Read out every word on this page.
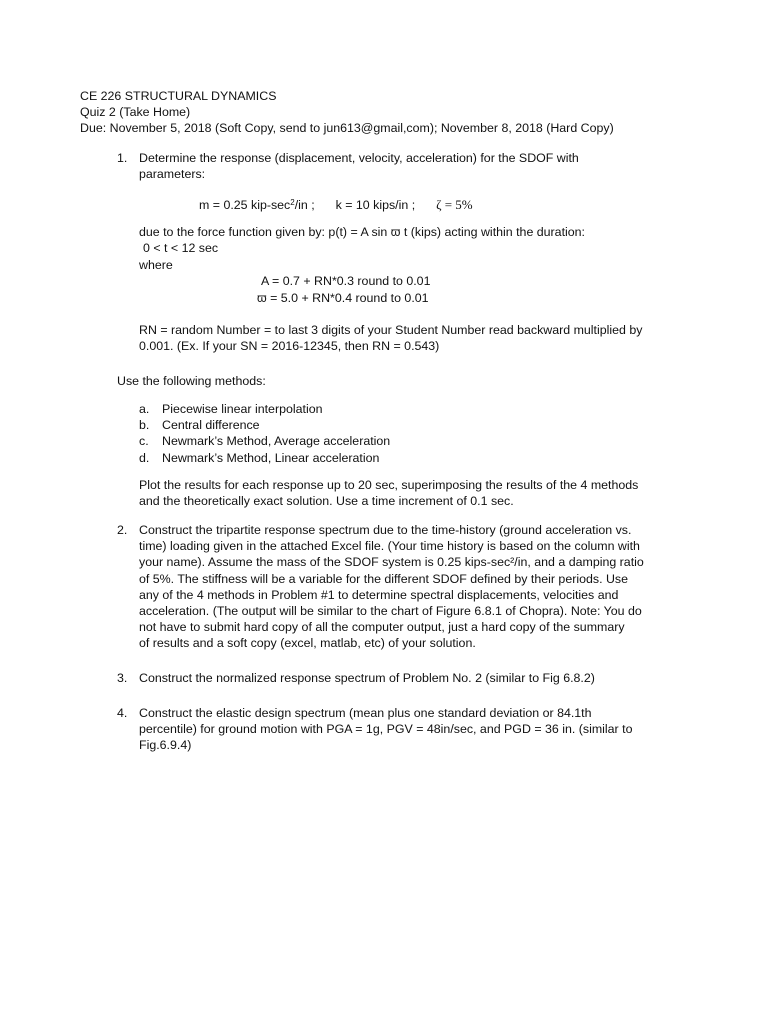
CE 226 STRUCTURAL DYNAMICS
Quiz 2 (Take Home)
Due: November 5, 2018 (Soft Copy, send to jun613@gmail,com); November 8, 2018 (Hard Copy)
1. Determine the response (displacement, velocity, acceleration) for the SDOF with
parameters:
m = 0.25 kip-$\sec^2/in$ ; k = 10 kips/in ; ζ = 5%
due to the force function given by: p(t) = A sin ϖ t (kips) acting within the duration:
0 < t < 12 sec
where
A = 0.7 + RN*0.3 round to 0.01
ϖ = 5.0 + RN*0.4 round to 0.01
RN = random Number = to last 3 digits of your Student Number read backward multiplied by
0.001. (Ex. If your SN = 2016-12345, then RN = 0.543)
Use the following methods:
a. Piecewise linear interpolation
b. Central difference
c. Newmark’s Method, Average acceleration
d. Newmark’s Method, Linear acceleration
Plot the results for each response up to 20 sec, superimposing the results of the 4 methods
and the theoretically exact solution. Use a time increment of 0.1 sec.
2. Construct the tripartite response spectrum due to the time-history (ground acceleration vs.
time) loading given in the attached Excel file. (Your time history is based on the column with
your name). Assume the mass of the SDOF system is 0.25 kips-sec²/in, and a damping ratio
of 5%. The stiffness will be a variable for the different SDOF defined by their periods. Use
any of the 4 methods in Problem #1 to determine spectral displacements, velocities and
acceleration. (The output will be similar to the chart of Figure 6.8.1 of Chopra). Note: You do
not have to submit hard copy of all the computer output, just a hard copy of the summary
of results and a soft copy (excel, matlab, etc) of your solution.
3. Construct the normalized response spectrum of Problem No. 2 (similar to Fig 6.8.2)
4. Construct the elastic design spectrum (mean plus one standard deviation or 84.1th
percentile) for ground motion with PGA = 1g, PGV = 48in/sec, and PGD = 36 in. (similar to
Fig.6.9.4)
